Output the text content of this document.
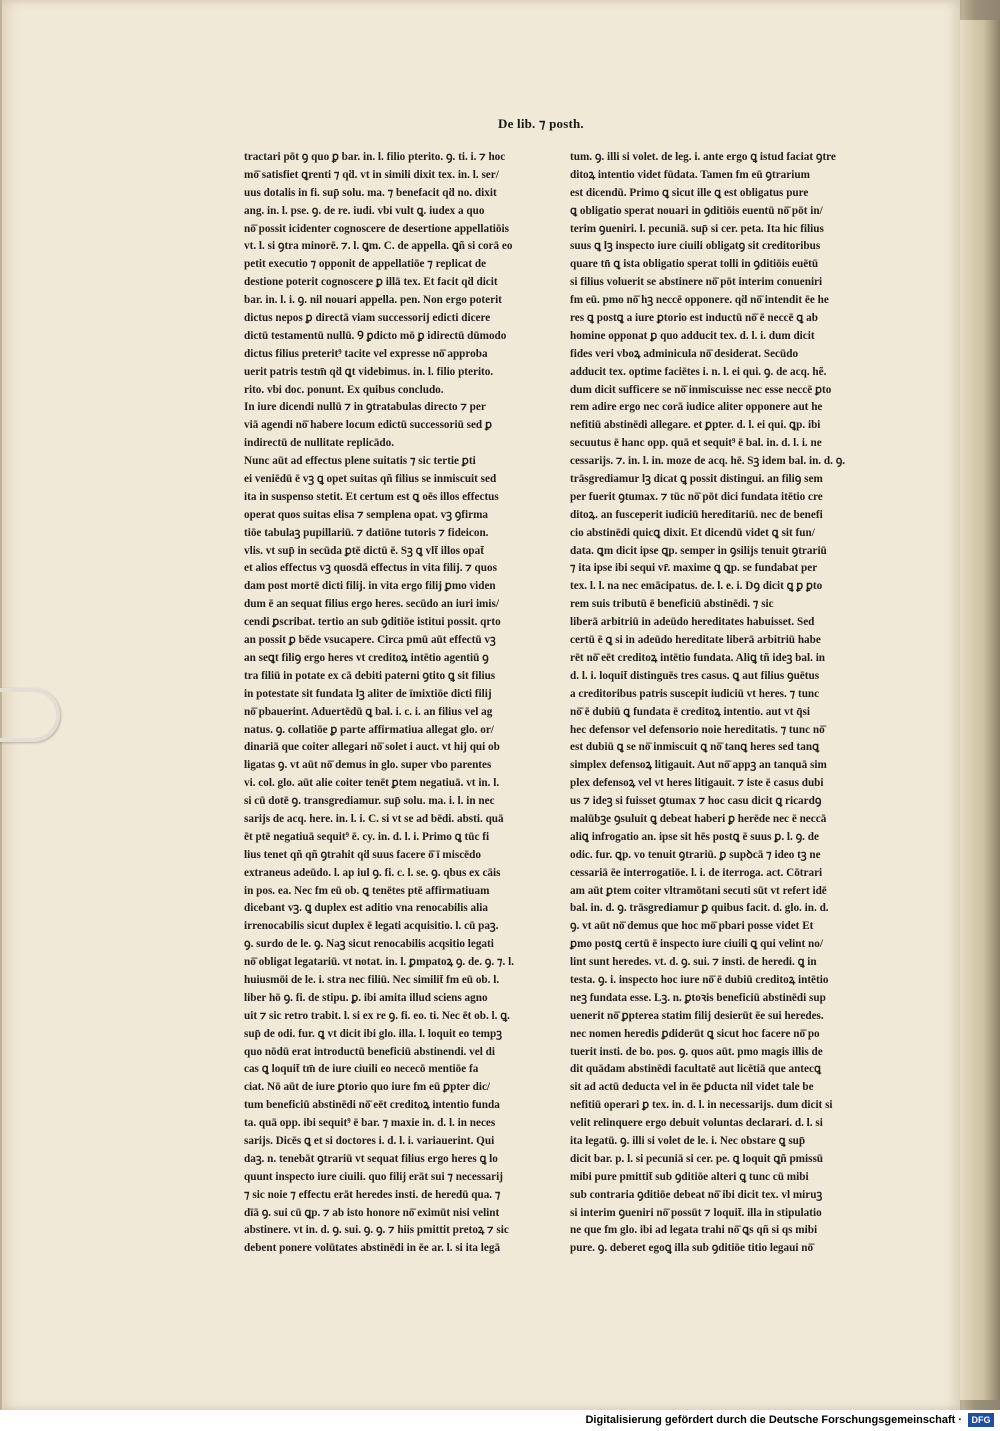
De lib. ⁊ posth.
tractari pōt ꝯ quo ꝑ bar. in. l. filio pterito. ꝯ. ti. i. ⁊ hoc
mō̄ satisfiet ꝗrenti ⁊ qḋ. vt in simili dixit tex. in. l. ser/
uus dotalis in fi. sup̄ solu. ma. ⁊ benefacit qḋ no. dixit
ang. in. l. pse. ꝯ. de re. iudi. vbi vult ꝗ. iudex a quo
nō̄ possit icidenter cognoscere de desertione appellatiōis
vt. l. si ꝯtra minorē. ⁊. l. ꝗm. C. de appella. ꝗñ si corā eo
petit executio ⁊ opponit de appellatiōe ⁊ replicat de
destione poterit cognoscere ꝑ illā tex. Et facit qḋ dicit
bar. in. l. i. ꝯ. nil nouari appella. pen. Non ergo poterit
dictus nepos ꝑ directā viam successorij edicti dicere
dictū testamentū nullū. Ꝯ ꝑdicto mō ꝑ idirectū dūmodo
dictus filius preterit⁹ tacite vel expresse nō̄ approba
uerit patris testm̄ qḋ ꝗt videbimus. in. l. filio pterito.
rito. vbi doc. ponunt. Ex quibus concludo.
In iure dicendi nullū ⁊ in ꝯtratabulas directo ⁊ per
viā agendi nō̄ habere locum edictū successoriū sed ꝑ
indirectū de nullitate replicādo.
Nunc aūt ad effectus plene suitatis ⁊ sic tertie ꝑti
ei veniēdū ē vꝫ ꝗ opet suitas qñ filius se inmiscuit sed
ita in suspenso stetit. Et certum est ꝗ oēs illos effectus
operat quos suitas elisa ⁊ semplena opat. vꝫ ꝯfirma
tiōe tabulaꝫ pupillariū. ⁊ datiōne tutoris ⁊ fideicon.
vlis. vt sup̄ in secūda ꝑtē dictū ē. Sꝫ ꝗ vlt̄ illos opat̄
et alios effectus vꝫ quosdā effectus in vita filij. ⁊ quos
dam post mortē dicti filij. in vita ergo filij ꝑmo viden
dum ē an sequat filius ergo heres. secūdo an iuri imis/
cendi ꝑscribat. tertio an sub ꝯditiōe istitui possit. qrto
an possit ꝑ bēde vsucapere. Circa pmū aūt effectū vꝫ
an seꝗt filiꝯ ergo heres vt creditoꝝ intētio agentiū ꝯ
tra filiū in potate ex cā debiti paterni ꝯtito ꝗ sit filius
in potestate sit fundata lꝫ aliter de īmixtiōe dicti filij
nō̄ pbauerint. Aduertēdū ꝗ bal. i. c. i. an filius vel ag
natus. ꝯ. collatiōe ꝑ parte affirmatiua allegat glo. or/
dinariā que coiter allegari nō̄ solet i auct. vt hij qui ob
ligatas ꝯ. vt aūt nō̄ demus in glo. super vbo parentes
vi. col. glo. aūt alie coiter tenēt ꝑtem negatiuā. vt in. l.
si cū dotē ꝯ. transgrediamur. sup̄ solu. ma. i. l. in nec
sarijs de acq. here. in. l. i. C. si vt se ad bēdi. absti. quā
ēt ptē negatiuā sequit⁹ ē. cy. in. d. l. i. Primo ꝗ tūc fi
lius tenet qñ qñ ꝯtrahit qḋ suus facere ō̄ ī miscēdo
extraneus adeūdo. l. ap iul ꝯ. fi. c. l. se. ꝯ. qbus ex cāis
in pos. ea. Nec fm eū ob. ꝗ tenētes ptē affirmatiuam
dicebant vꝫ. ꝗ duplex est aditio vna renocabilis alia
irrenocabilis sicut duplex ē legati acquisitio. l. cū paꝫ.
ꝯ. surdo de le. ꝯ. Naꝫ sicut renocabilis acqsitio legati
nō̄ obligat legatariū. vt notat. in. l. ꝑmpatoꝝ ꝯ. de. ꝯ. ⁊. l.
huiusmōi de le. i. stra nec filiū. Nec similit̄ fm eū ob. l.
liber hō ꝯ. fi. de stipu. ꝑ. ibi amita illud sciens agno
uit ⁊ sic retro trabit. l. si ex re ꝯ. fi. eo. ti. Nec ēt ob. l. ꝗ.
sup̄ de odi. fur. ꝗ vt dicit ibi glo. illa. l. loquit eo tempꝫ
quo nōdū erat introductū beneficiū abstinendi. vel di
cas ꝗ loquit̄ tm̄ de iure ciuili eo nececō mentiōe fa
ciat. Nō aūt de iure ꝑtorio quo iure fm eū ꝑpter dic/
tum beneficiū abstinēdi nō̄ eēt creditoꝝ intentio funda
ta. quā opp. ibi sequit⁹ ē bar. ⁊ maxie in. d. l. in neces
sarijs. Dicēs ꝗ et si doctores i. d. l. i. variauerint. Qui
daꝫ. n. tenebāt ꝯtrariū vt sequat filius ergo heres ꝗ lo
quunt inspecto iure ciuili. quo filij erāt sui ⁊ necessarij
⁊ sic noie ⁊ effectu erāt heredes insti. de heredū qua. ⁊
dīā ꝯ. sui cū ꝗp. ⁊ ab isto honore nō̄ eximūt nisi velint
abstinere. vt in. d. ꝯ. sui. ꝯ. ꝯ. ⁊ hiis pmittit pretoꝝ ⁊ sic
debent ponere volūtates abstinēdi in ēe ar. l. si ita legā
tum. ꝯ. illi si volet. de leg. i. ante ergo ꝗ istud faciat ꝯtre
ditoꝝ intentio videt fūdata. Tamen fm eū ꝯtrarium
est dicendū. Primo ꝗ sicut ille ꝗ est obligatus pure
ꝗ obligatio sperat nouari in ꝯditiōis euentū nō̄ pōt in/
terim ꝯueniri. l. pecuniā. sup̄ si cer. peta. Ita hic filius
suus ꝗ lꝫ inspecto iure ciuili obligatꝯ sit creditoribus
quare tn̄ ꝗ ista obligatio sperat tolli in ꝯditiōis euētū
si filius voluerit se abstinere nō̄ pōt interim conueniri
fm eū. pmo nō̄ hꝫ neccē opponere. qḋ nō̄ intendit ēe he
res ꝗ postꝗ a iure ꝑtorio est inductū nō̄ ē neccē ꝗ ab
homine opponat ꝑ quo adducit tex. d. l. i. dum dicit
fides veri vboꝝ adminicula nō̄ desiderat. Secūdo
adducit tex. optime faciētes i. n. l. ei qui. ꝯ. de acq. hẽ.
dum dicit sufficere se nō̄ inmiscuisse nec esse neccē ꝑto
rem adire ergo nec corā iudice aliter opponere aut he
nefitiū abstinēdi allegare. et ꝑpter. d. l. ei qui. ꝗp. ibi
secuutus ē hanc opp. quā et sequit⁹ ē bal. in. d. l. i. ne
cessarijs. ⁊. in. l. in. moze de acq. hē. Sꝫ idem bal. in. d. ꝯ.
trāsgrediamur lꝫ dicat ꝗ possit distingui. an filiꝯ sem
per fuerit ꝯtumax. ⁊ tūc nō̄ pōt dici fundata itētio cre
ditoꝝ. an fusceperit iudiciū hereditariū. nec de benefi
cio abstinēdi quicꝗ dixit. Et dicendū videt ꝗ sit fun/
data. ꝗm dicit ipse ꝗp. semper in ꝯsilijs tenuit ꝯtrariū
⁊ ita ipse ibi sequi vr̄. maxime ꝗ ꝗp. se fundabat per
tex. l. l. na nec emācipatus. de. l. e. i. Dꝯ dicit ꝗ ꝑ ꝑto
rem suis tributū ē beneficiū abstinēdi. ⁊ sic
liberā arbitriū in adeūdo hereditates habuisset. Sed
certū ē ꝗ si in adeūdo hereditate liberā arbitriū habe
rēt nō̄ eēt creditoꝝ intētio fundata. Aliꝗ tñ ideꝫ bal. in
d. l. i. loquit̄ distinguēs tres casus. ꝗ aut filius ꝯuētus
a creditoribus patris suscepit iudiciū vt heres. ⁊ tunc
nō̄ ē dubiū ꝗ fundata ē creditoꝝ intentio. aut vt q̄si
hec defensor vel defensorio noie hereditatis. ⁊ tunc nō̄
est dubiū ꝗ se nō̄ inmiscuit ꝗ nō̄ tanꝗ heres sed tanꝗ
simplex defensoꝝ litigauit. Aut nō̄ appꝫ an tanquā sim
plex defensoꝝ vel vt heres litigauit. ⁊ iste ē casus dubi
us ⁊ ideꝫ si fuisset ꝯtumax ⁊ hoc casu dicit ꝗ ricardꝯ
malūbꝫe ꝯsuluit ꝗ debeat haberi ꝑ herēde nec ē neccā
aliꝗ infrogatio an. ipse sit hēs postꝗ ē suus ꝑ. l. ꝯ. de
odic. fur. ꝗp. vo tenuit ꝯtrariū. ꝑ supꝺcā ⁊ ideo tꝫ ne
cessariā ēe interrogatiōe. l. i. de iterroga. act. Cōtrari
am aūt ꝑtem coiter vltramōtani secuti sūt vt refert idē
bal. in. d. ꝯ. trāsgrediamur ꝑ quibus facit. d. glo. in. d.
ꝯ. vt aūt nō̄ demus que hoc mō̄ pbari posse videt Et
ꝑmo postꝗ certū ē inspecto iure ciuili ꝗ qui velint no/
lint sunt heredes. vt. d. ꝯ. sui. ⁊ insti. de heredi. ꝗ in
testa. ꝯ. i. inspecto hoc iure nō̄ ē dubiū creditoꝝ intētio
neꝫ fundata esse. Lꝫ. n. ꝑtoꝛis beneficiū abstinēdi sup
uenerit nō̄ ꝑpterea statim filij desierūt ēe sui heredes.
nec nomen heredis ꝑdiderūt ꝗ sicut hoc facere nō̄ po
tuerit insti. de bo. pos. ꝯ. quos aūt. pmo magis illis de
dit quādam abstinēdi facultatē aut licētiā que antecꝗ
sit ad actū deducta vel in ēe ꝑducta nil videt tale be
nefitiū operari ꝑ tex. in. d. l. in necessarijs. dum dicit si
velit relinquere ergo debuit voluntas declarari. d. l. si
ita legatū. ꝯ. illi si volet de le. i. Nec obstare ꝗ sup̄
dicit bar. p. l. si pecuniā si cer. pe. ꝗ loquit ꝗñ pmissū
mibi pure pmittit̄ sub ꝯditiōe alteri ꝗ tunc cū mibi
sub contraria ꝯditiōe debeat nō̄ ibi dicit tex. vl miruꝫ
si interim ꝯueniri nō̄ possūt ⁊ loquit̄. illa in stipulatio
ne que fm glo. ibi ad legata trahi nō̄ ꝗs qñ si qs mibi
pure. ꝯ. deberet egoꝗ illa sub ꝯditiōe titio legaui nō̄
Digitalisierung gefördert durch die Deutsche Forschungsgemeinschaft ·	DFG
